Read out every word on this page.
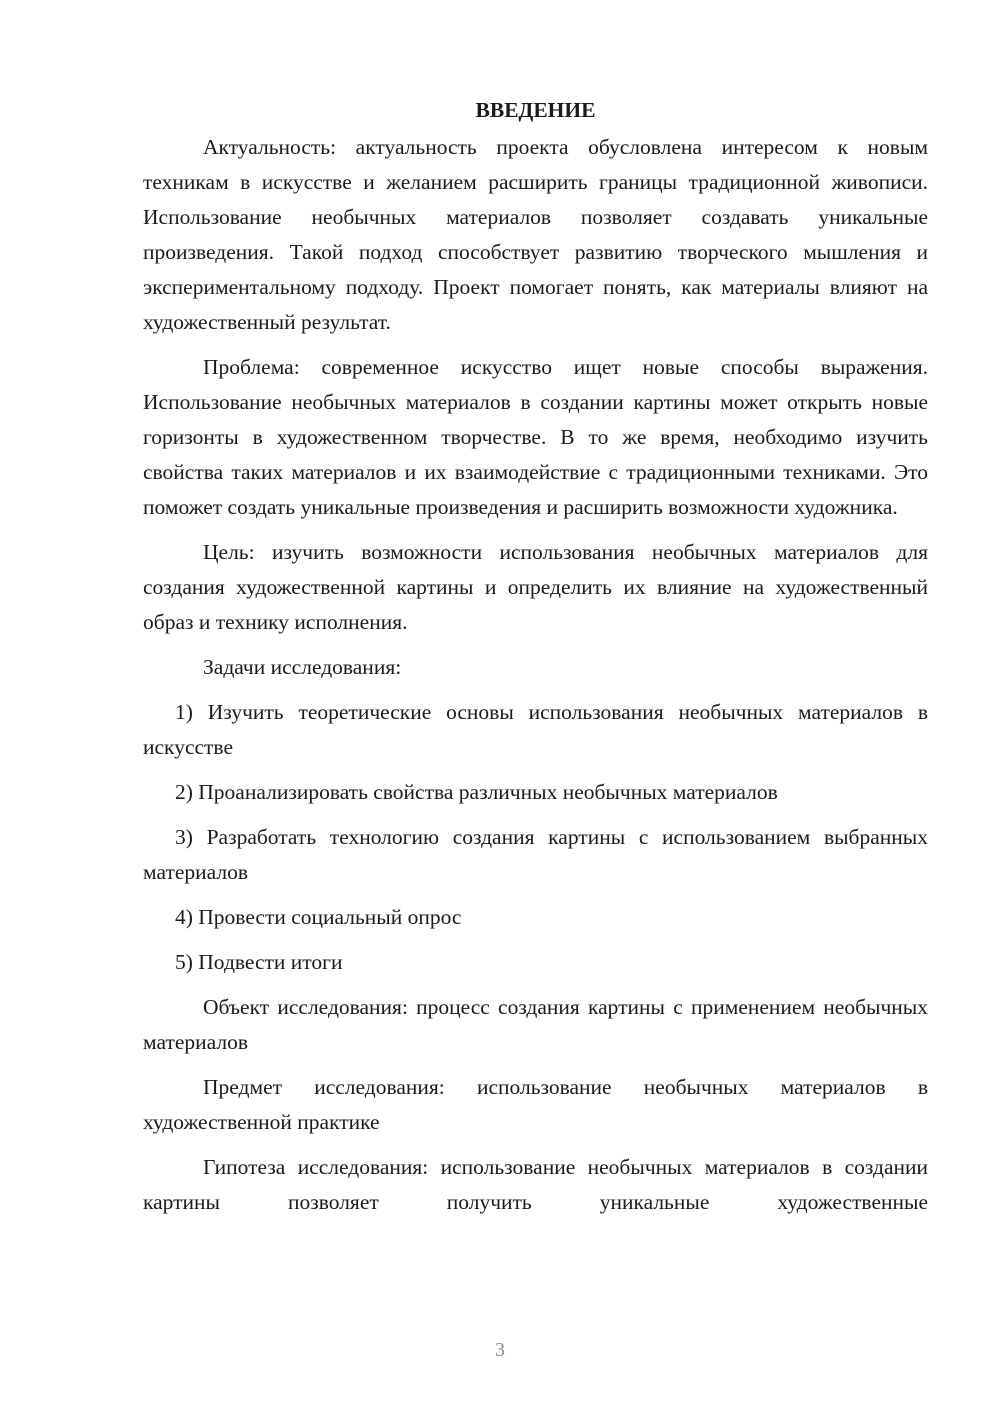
ВВЕДЕНИЕ

Актуальность: актуальность проекта обусловлена интересом к новым техникам в искусстве и желанием расширить границы традиционной живописи. Использование необычных материалов позволяет создавать уникальные произведения. Такой подход способствует развитию творческого мышления и экспериментальному подходу. Проект помогает понять, как материалы влияют на художественный результат.

Проблема: современное искусство ищет новые способы выражения. Использование необычных материалов в создании картины может открыть новые горизонты в художественном творчестве. В то же время, необходимо изучить свойства таких материалов и их взаимодействие с традиционными техниками. Это поможет создать уникальные произведения и расширить возможности художника.

Цель: изучить возможности использования необычных материалов для создания художественной картины и определить их влияние на художественный образ и технику исполнения.

Задачи исследования:

1) Изучить теоретические основы использования необычных материалов в искусстве

2) Проанализировать свойства различных необычных материалов

3) Разработать технологию создания картины с использованием выбранных материалов

4) Провести социальный опрос

5) Подвести итоги

Объект исследования: процесс создания картины с применением необычных материалов

Предмет исследования: использование необычных материалов в художественной практике

Гипотеза исследования: использование необычных материалов в создании картины позволяет получить уникальные художественные

3
